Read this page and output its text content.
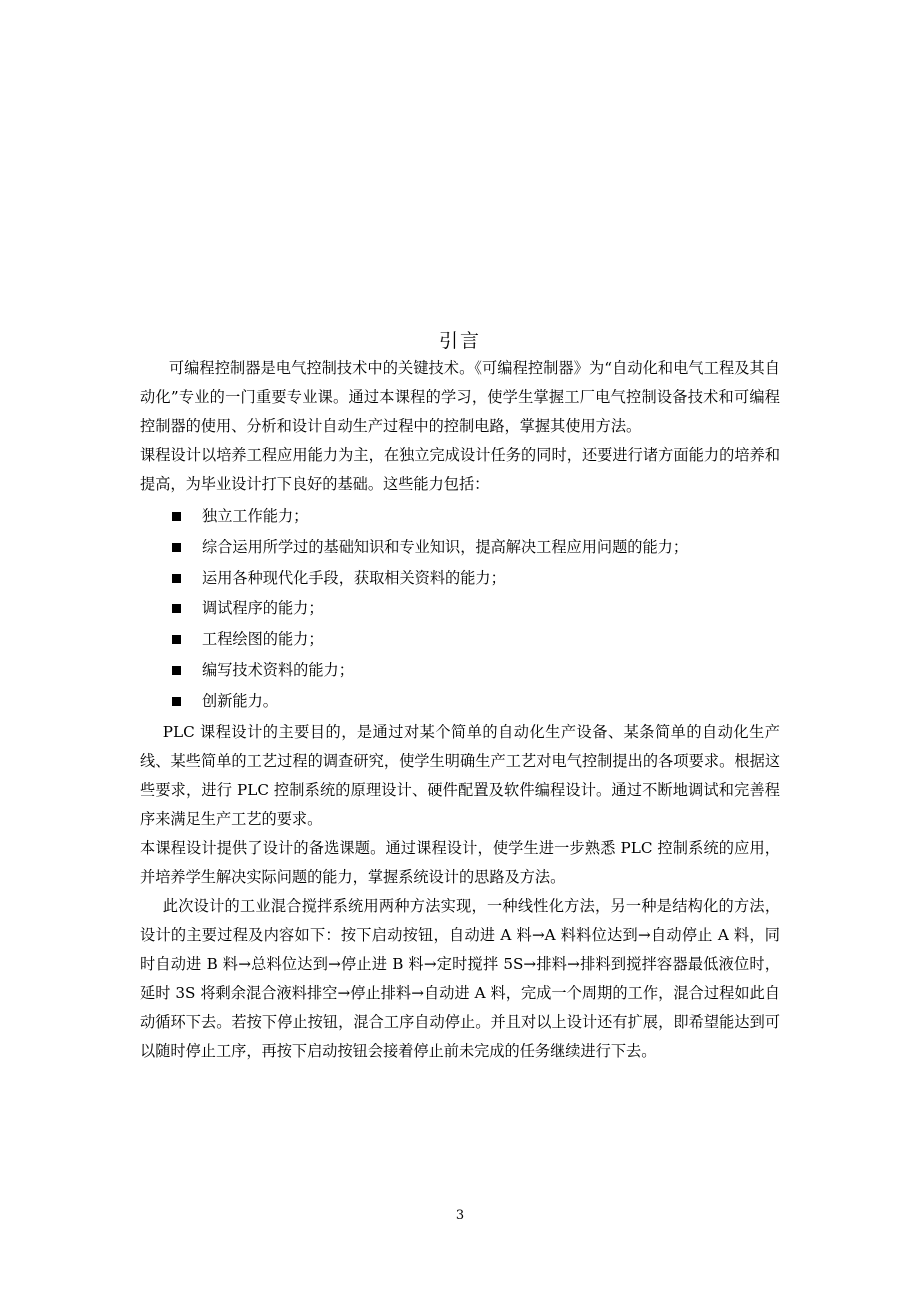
引言

可编程控制器是电气控制技术中的关键技术。《可编程控制器》为“自动化和电气工程及其自动化”专业的一门重要专业课。通过本课程的学习，使学生掌握工厂电气控制设备技术和可编程控制器的使用、分析和设计自动生产过程中的控制电路，掌握其使用方法。

课程设计以培养工程应用能力为主，在独立完成设计任务的同时，还要进行诸方面能力的培养和提高，为毕业设计打下良好的基础。这些能力包括：

独立工作能力；
综合运用所学过的基础知识和专业知识，提高解决工程应用问题的能力；
运用各种现代化手段，获取相关资料的能力；
调试程序的能力；
工程绘图的能力；
编写技术资料的能力；
创新能力。

PLC 课程设计的主要目的，是通过对某个简单的自动化生产设备、某条简单的自动化生产线、某些简单的工艺过程的调查研究，使学生明确生产工艺对电气控制提出的各项要求。根据这些要求，进行 PLC 控制系统的原理设计、硬件配置及软件编程设计。通过不断地调试和完善程序来满足生产工艺的要求。

本课程设计提供了设计的备选课题。通过课程设计，使学生进一步熟悉 PLC 控制系统的应用，并培养学生解决实际问题的能力，掌握系统设计的思路及方法。

此次设计的工业混合搅拌系统用两种方法实现，一种线性化方法，另一种是结构化的方法，设计的主要过程及内容如下：按下启动按钮，自动进 A 料→A 料料位达到→自动停止 A 料，同时自动进 B 料→总料位达到→停止进 B 料→定时搅拌 5S→排料→排料到搅拌容器最低液位时，延时 3S 将剩余混合液料排空→停止排料→自动进 A 料，完成一个周期的工作，混合过程如此自动循环下去。若按下停止按钮，混合工序自动停止。并且对以上设计还有扩展，即希望能达到可以随时停止工序，再按下启动按钮会接着停止前未完成的任务继续进行下去。

3
